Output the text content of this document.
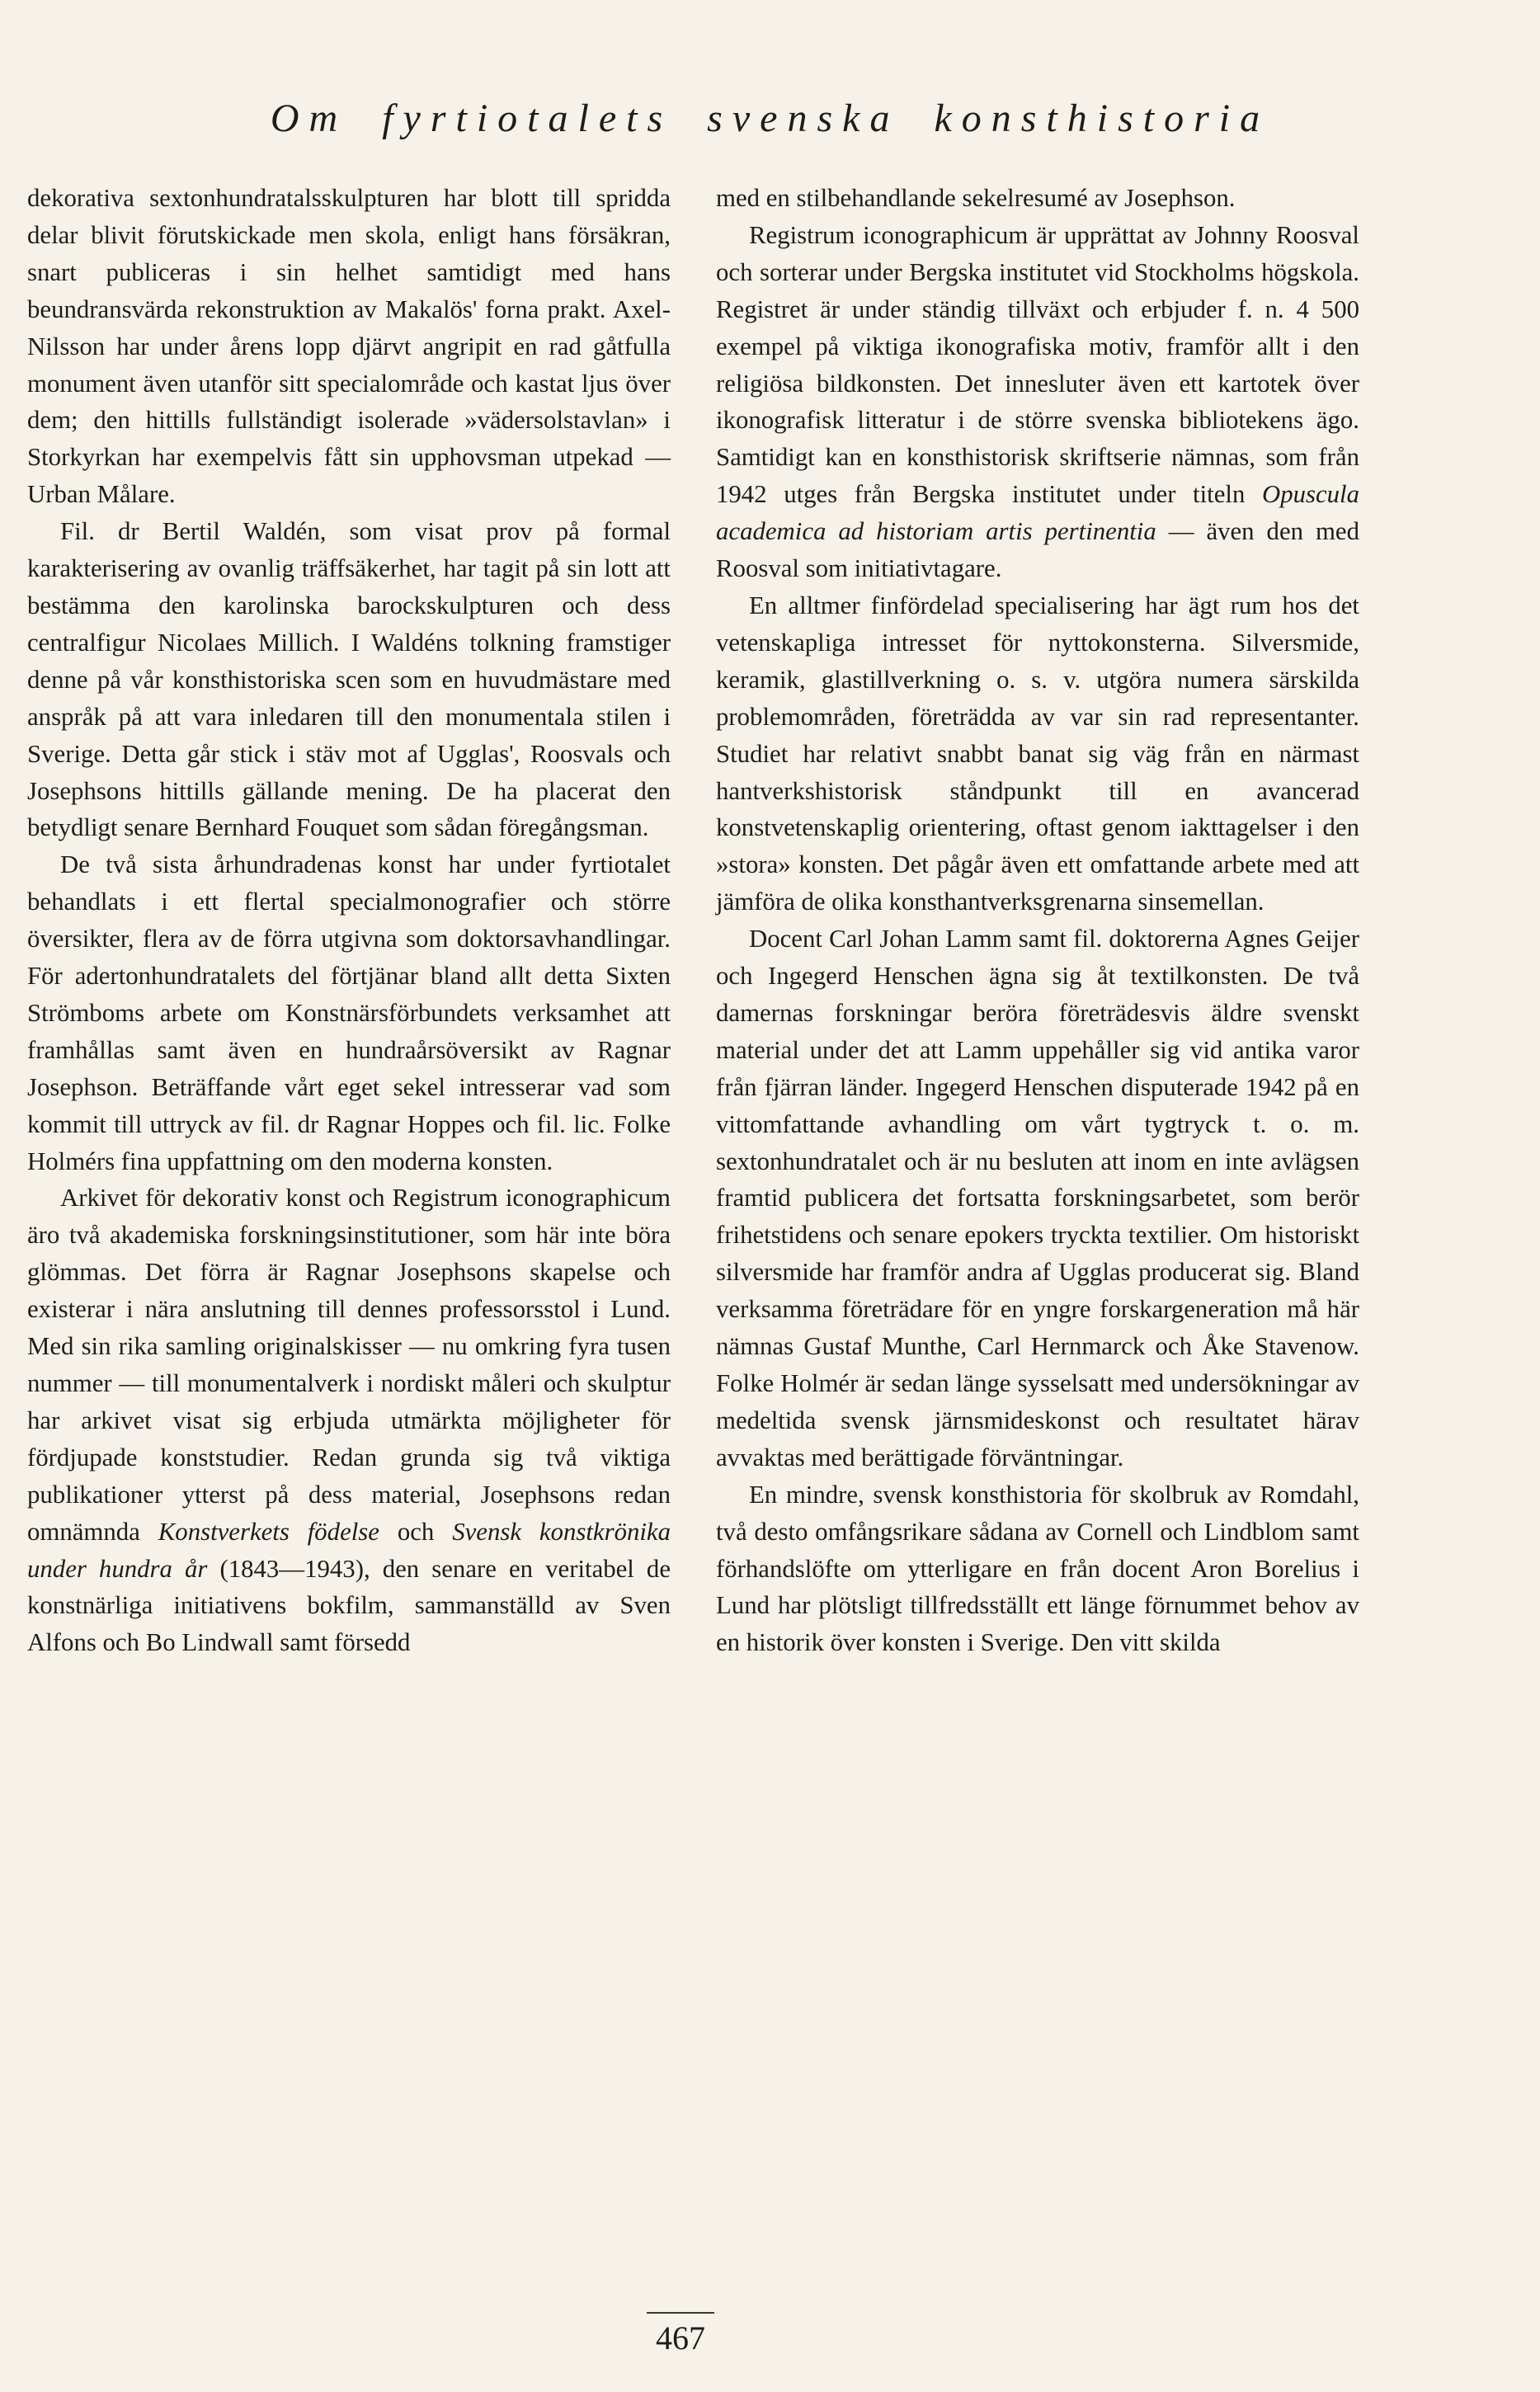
Om fyrtiotalets svenska konsthistoria

dekorativa sextonhundratalsskulpturen har blott till spridda delar blivit förutskickade men skola, enligt hans försäkran, snart publiceras i sin helhet samtidigt med hans beundransvärda rekonstruktion av Makalös' forna prakt. Axel-Nilsson har under årens lopp djärvt angripit en rad gåtfulla monument även utanför sitt specialområde och kastat ljus över dem; den hittills fullständigt isolerade »vädersolstavlan» i Storkyrkan har exempelvis fått sin upphovsman utpekad — Urban Målare.

Fil. dr Bertil Waldén, som visat prov på formal karakterisering av ovanlig träffsäkerhet, har tagit på sin lott att bestämma den karolinska barockskulpturen och dess centralfigur Nicolaes Millich. I Waldéns tolkning framstiger denne på vår konsthistoriska scen som en huvudmästare med anspråk på att vara inledaren till den monumentala stilen i Sverige. Detta går stick i stäv mot af Ugglas', Roosvals och Josephsons hittills gällande mening. De ha placerat den betydligt senare Bernhard Fouquet som sådan föregångsman.

De två sista århundradenas konst har under fyrtiotalet behandlats i ett flertal specialmonografier och större översikter, flera av de förra utgivna som doktorsavhandlingar. För adertonhundratalets del förtjänar bland allt detta Sixten Strömboms arbete om Konstnärsförbundets verksamhet att framhållas samt även en hundraårsöversikt av Ragnar Josephson. Beträffande vårt eget sekel intresserar vad som kommit till uttryck av fil. dr Ragnar Hoppes och fil. lic. Folke Holmérs fina uppfattning om den moderna konsten.

Arkivet för dekorativ konst och Registrum iconographicum äro två akademiska forskningsinstitutioner, som här inte böra glömmas. Det förra är Ragnar Josephsons skapelse och existerar i nära anslutning till dennes professorsstol i Lund. Med sin rika samling originalskisser — nu omkring fyra tusen nummer — till monumentalverk i nordiskt måleri och skulptur har arkivet visat sig erbjuda utmärkta möjligheter för fördjupade konststudier. Redan grunda sig två viktiga publikationer ytterst på dess material, Josephsons redan omnämnda Konstverkets födelse och Svensk konstkrönika under hundra år (1843—1943), den senare en veritabel de konstnärliga initiativens bokfilm, sammanställd av Sven Alfons och Bo Lindwall samt försedd

med en stilbehandlande sekelresumé av Josephson.

Registrum iconographicum är upprättat av Johnny Roosval och sorterar under Bergska institutet vid Stockholms högskola. Registret är under ständig tillväxt och erbjuder f. n. 4 500 exempel på viktiga ikonografiska motiv, framför allt i den religiösa bildkonsten. Det innesluter även ett kartotek över ikonografisk litteratur i de större svenska bibliotekens ägo. Samtidigt kan en konsthistorisk skriftserie nämnas, som från 1942 utges från Bergska institutet under titeln Opuscula academica ad historiam artis pertinentia — även den med Roosval som initiativtagare.

En alltmer finfördelad specialisering har ägt rum hos det vetenskapliga intresset för nyttokonsterna. Silversmide, keramik, glastillverkning o. s. v. utgöra numera särskilda problemområden, företrädda av var sin rad representanter. Studiet har relativt snabbt banat sig väg från en närmast hantverkshistorisk ståndpunkt till en avancerad konstvetenskaplig orientering, oftast genom iakttagelser i den »stora» konsten. Det pågår även ett omfattande arbete med att jämföra de olika konsthantverksgrenarna sinsemellan.

Docent Carl Johan Lamm samt fil. doktorerna Agnes Geijer och Ingegerd Henschen ägna sig åt textilkonsten. De två damernas forskningar beröra företrädesvis äldre svenskt material under det att Lamm uppehåller sig vid antika varor från fjärran länder. Ingegerd Henschen disputerade 1942 på en vittomfattande avhandling om vårt tygtryck t. o. m. sextonhundratalet och är nu besluten att inom en inte avlägsen framtid publicera det fortsatta forskningsarbetet, som berör frihetstidens och senare epokers tryckta textilier. Om historiskt silversmide har framför andra af Ugglas producerat sig. Bland verksamma företrädare för en yngre forskargeneration må här nämnas Gustaf Munthe, Carl Hernmarck och Åke Stavenow. Folke Holmér är sedan länge sysselsatt med undersökningar av medeltida svensk järnsmideskonst och resultatet härav avvaktas med berättigade förväntningar.

En mindre, svensk konsthistoria för skolbruk av Romdahl, två desto omfångsrikare sådana av Cornell och Lindblom samt förhandslöfte om ytterligare en från docent Aron Borelius i Lund har plötsligt tillfredsställt ett länge förnummet behov av en historik över konsten i Sverige. Den vitt skilda

467
